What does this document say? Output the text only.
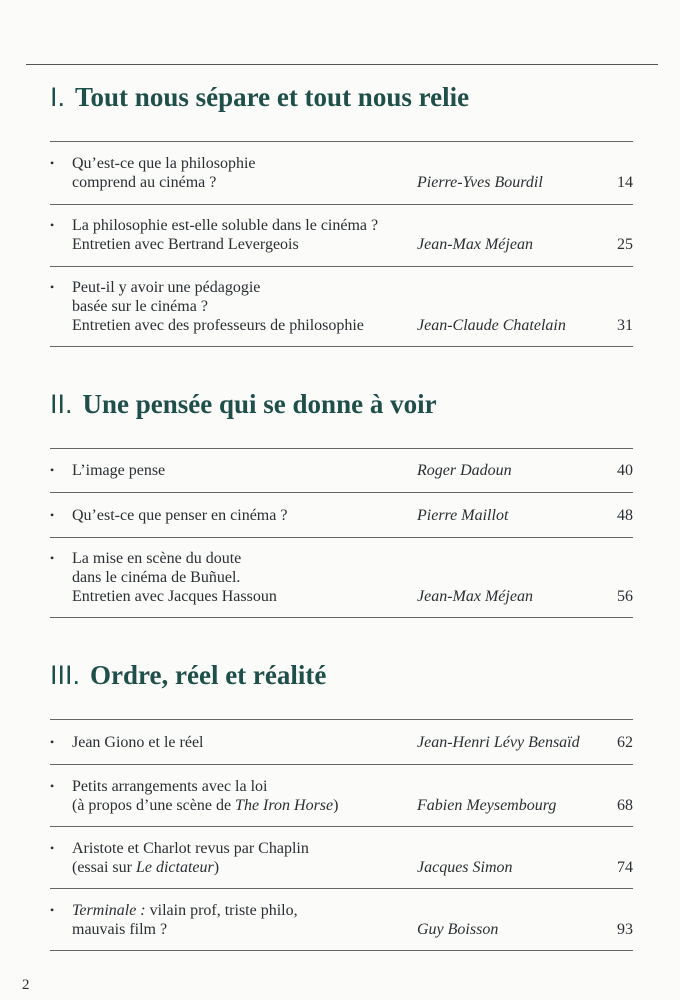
I. Tout nous sépare et tout nous relie
• Qu’est-ce que la philosophie
comprend au cinéma ?	Pierre-Yves Bourdil	14
• La philosophie est-elle soluble dans le cinéma ?
Entretien avec Bertrand Levergeois	Jean-Max Méjean	25
• Peut-il y avoir une pédagogie
basée sur le cinéma ?
Entretien avec des professeurs de philosophie	Jean-Claude Chatelain	31
II. Une pensée qui se donne à voir
• L’image pense	Roger Dadoun	40
• Qu’est-ce que penser en cinéma ?	Pierre Maillot	48
• La mise en scène du doute
dans le cinéma de Buñuel.
Entretien avec Jacques Hassoun	Jean-Max Méjean	56
III. Ordre, réel et réalité
• Jean Giono et le réel	Jean-Henri Lévy Bensaïd 62
• Petits arrangements avec la loi
(à propos d’une scène de The Iron Horse)	Fabien Meysembourg	68
• Aristote et Charlot revus par Chaplin
(essai sur Le dictateur)	Jacques Simon	74
• Terminale : vilain prof, triste philo,
mauvais film ?	Guy Boisson	93
2
